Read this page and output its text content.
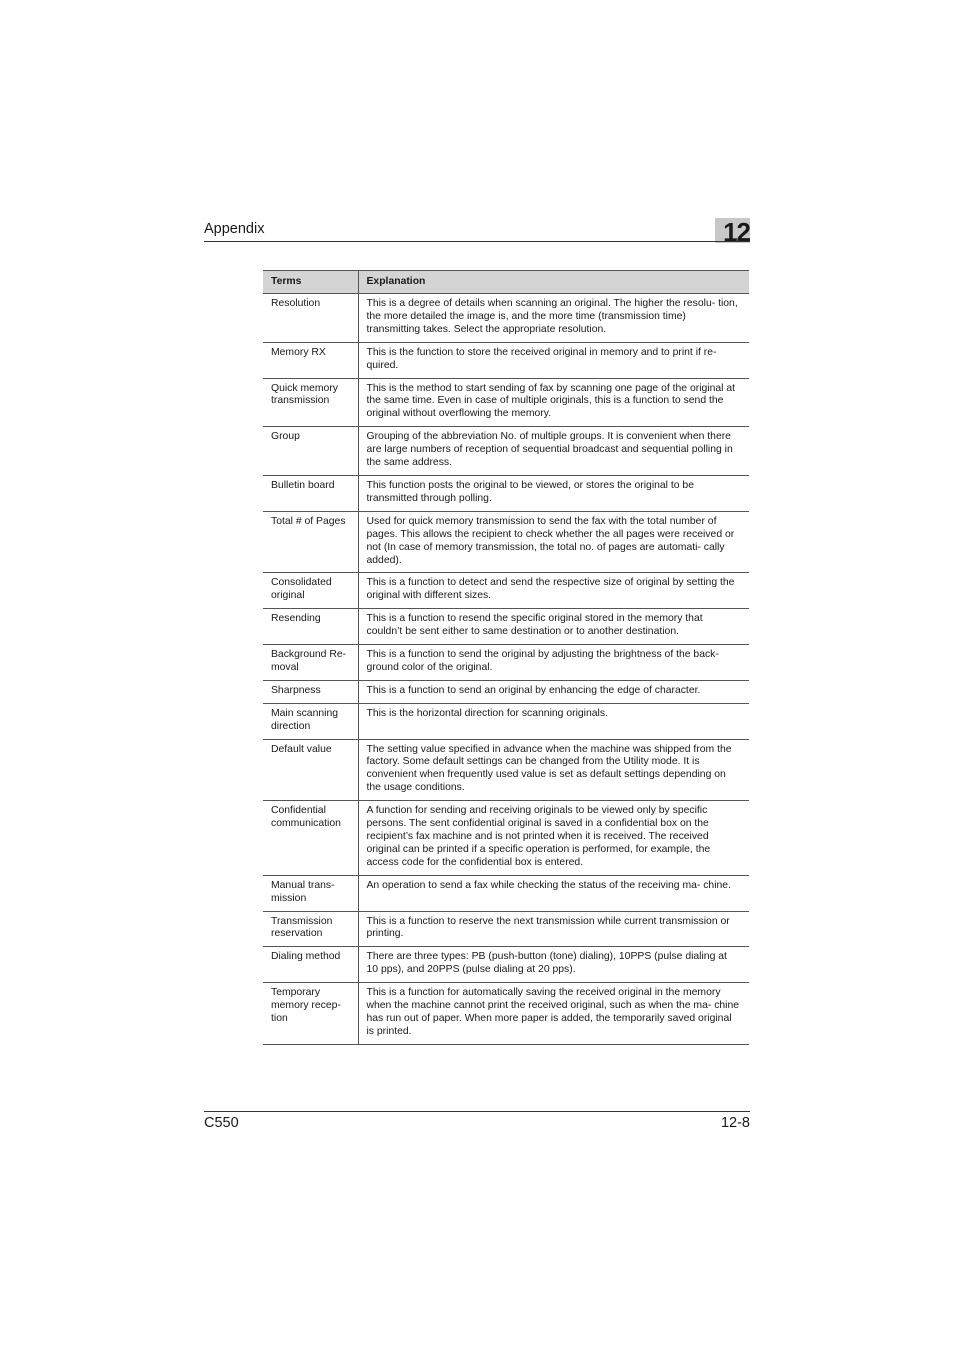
Appendix	12
Terms	Explanation
Resolution	This is a degree of details when scanning an original. The higher the resolu- tion, the more detailed the image is, and the more time (transmission time) transmitting takes. Select the appropriate resolution.
Memory RX	This is the function to store the received original in memory and to print if re- quired.
Quick memory transmission	This is the method to start sending of fax by scanning one page of the original at the same time. Even in case of multiple originals, this is a function to send the original without overflowing the memory.
Group	Grouping of the abbreviation No. of multiple groups. It is convenient when there are large numbers of reception of sequential broadcast and sequential polling in the same address.
Bulletin board	This function posts the original to be viewed, or stores the original to be transmitted through polling.
Total # of Pages	Used for quick memory transmission to send the fax with the total number of pages. This allows the recipient to check whether the all pages were received or not (In case of memory transmission, the total no. of pages are automati- cally added).
Consolidated original	This is a function to detect and send the respective size of original by setting the original with different sizes.
Resending	This is a function to resend the specific original stored in the memory that couldn’t be sent either to same destination or to another destination.
Background Re- moval	This is a function to send the original by adjusting the brightness of the back- ground color of the original.
Sharpness	This is a function to send an original by enhancing the edge of character.
Main scanning direction	This is the horizontal direction for scanning originals.
Default value	The setting value specified in advance when the machine was shipped from the factory. Some default settings can be changed from the Utility mode. It is convenient when frequently used value is set as default settings depending on the usage conditions.
Confidential communication	A function for sending and receiving originals to be viewed only by specific persons. The sent confidential original is saved in a confidential box on the recipient’s fax machine and is not printed when it is received. The received original can be printed if a specific operation is performed, for example, the access code for the confidential box is entered.
Manual trans- mission	An operation to send a fax while checking the status of the receiving ma- chine.
Transmission reservation	This is a function to reserve the next transmission while current transmission or printing.
Dialing method	There are three types: PB (push-button (tone) dialing), 10PPS (pulse dialing at 10 pps), and 20PPS (pulse dialing at 20 pps).
Temporary memory recep- tion	This is a function for automatically saving the received original in the memory when the machine cannot print the received original, such as when the ma- chine has run out of paper. When more paper is added, the temporarily saved original is printed.
C550	12-8
